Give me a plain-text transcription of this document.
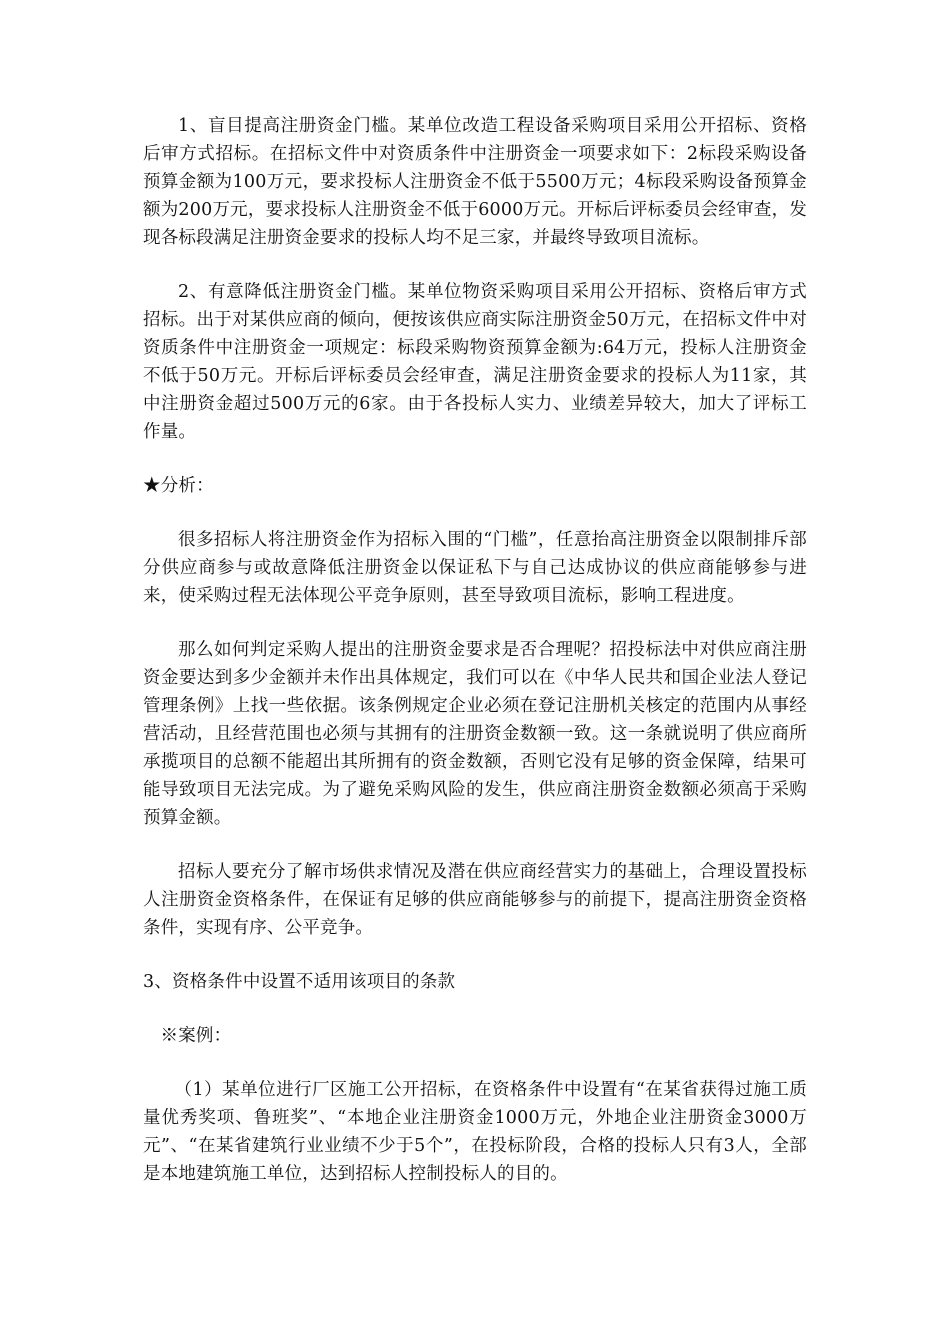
1、盲目提高注册资金门槛。某单位改造工程设备采购项目采用公开招标、资格后审方式招标。在招标文件中对资质条件中注册资金一项要求如下：2标段采购设备预算金额为100万元，要求投标人注册资金不低于5500万元；4标段采购设备预算金额为200万元，要求投标人注册资金不低于6000万元。开标后评标委员会经审查，发现各标段满足注册资金要求的投标人均不足三家，并最终导致项目流标。

2、有意降低注册资金门槛。某单位物资采购项目采用公开招标、资格后审方式招标。出于对某供应商的倾向，便按该供应商实际注册资金50万元，在招标文件中对资质条件中注册资金一项规定：标段采购物资预算金额为:64万元，投标人注册资金不低于50万元。开标后评标委员会经审查，满足注册资金要求的投标人为11家，其中注册资金超过500万元的6家。由于各投标人实力、业绩差异较大，加大了评标工作量。

★分析：

很多招标人将注册资金作为招标入围的“门槛”，任意抬高注册资金以限制排斥部分供应商参与或故意降低注册资金以保证私下与自己达成协议的供应商能够参与进来，使采购过程无法体现公平竞争原则，甚至导致项目流标，影响工程进度。

那么如何判定采购人提出的注册资金要求是否合理呢？招投标法中对供应商注册资金要达到多少金额并未作出具体规定，我们可以在《中华人民共和国企业法人登记管理条例》上找一些依据。该条例规定企业必须在登记注册机关核定的范围内从事经营活动，且经营范围也必须与其拥有的注册资金数额一致。这一条就说明了供应商所承揽项目的总额不能超出其所拥有的资金数额，否则它没有足够的资金保障，结果可能导致项目无法完成。为了避免采购风险的发生，供应商注册资金数额必须高于采购预算金额。

招标人要充分了解市场供求情况及潜在供应商经营实力的基础上，合理设置投标人注册资金资格条件，在保证有足够的供应商能够参与的前提下，提高注册资金资格条件，实现有序、公平竞争。

3、资格条件中设置不适用该项目的条款

※案例：

（1）某单位进行厂区施工公开招标，在资格条件中设置有“在某省获得过施工质量优秀奖项、鲁班奖”、“本地企业注册资金1000万元，外地企业注册资金3000万元”、“在某省建筑行业业绩不少于5个”，在投标阶段，合格的投标人只有3人，全部是本地建筑施工单位，达到招标人控制投标人的目的。
